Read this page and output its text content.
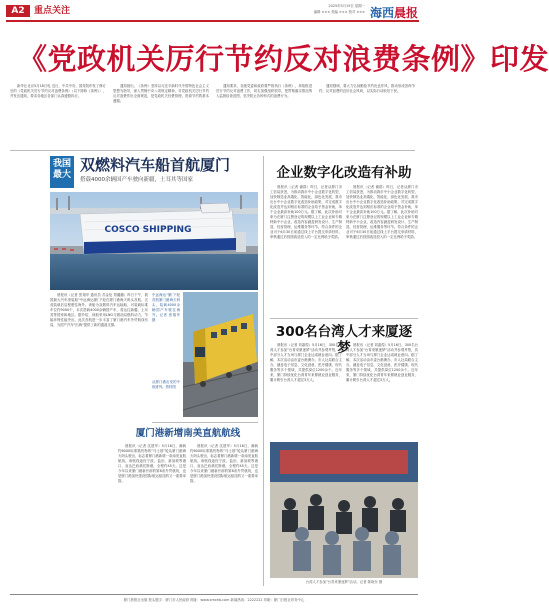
A2	重点关注	2025年5月19日 星期一
编辑 ××× 美编 ××× 校对 ××× 海西晨报
《党政机关厉行节约反对浪费条例》印发

新华社北京5月18日电 近日，中共中央、国务院印发了修订后的《党政机关厉行节约反对浪费条例》（以下简称《条例》），并发出通知，要求各地区各部门认真遵照执行。

通知指出，《条例》坚持以习近平新时代中国特色社会主义思想为指导，深入贯彻中央八项规定精神，对党政机关厉行节约反对浪费作出全面规范，是党政机关经费管理、资源节约的基本遵循。

通知要求，各级党委和政府要严格执行《条例》，持续推进厉行节约反对浪费工作，切实加强组织领导，把贯彻落实情况纳入监督检查范围，坚决防止各种形式的浪费行为。

通知强调，要大力弘扬勤俭节约优良作风，推动形成崇尚节约、反对浪费的良好社会风尚，以实际行动取信于民。

我国最大
双燃料汽车船首航厦门
搭载4000余辆国产车驶向新疆，土耳其等国家
COSCO SHIPPING

晨报讯（记者 张翔华 通讯员 苏金伦 郑璐璐）昨日下午，我国最大汽车滚装船"中远海运厦门"轮在厦门港海天码头首航，完成装载后启程驶往海外。该船为双燃料汽车运输船，可装载标准车位约9000个，本次搭载4000余辆国产车，将运往新疆、土耳其等国家和地区。据介绍，该船采用LNG与燃油双燃料动力，节能环保性能突出。此次首航进一步丰富了厦门港汽车外贸航线布局，为国产汽车"出海"提供了新的通道支撑。

中远海运"厦门"轮首航厦门港海天码头，装载4000余辆国产车驶往海外。记者 张翔华 摄

从厦门港出发的中欧班列。资料图

厦门港新增南美直航航线

晨报讯（记者 沈建华）5月16日，满载约6000标准箱货物的"马士基"轮从厦门港海天码头驶出，标志着厦门港新增一条南美直航航线。该航线途经宁波、盐田、新加坡等港口，直达巴西桑托斯港，全程约45天。这是今年以来厦门港新开辟的第8条外贸航线，也是厦门港加快建设国际航运枢纽的又一重要举措。

晨报讯（记者 沈建华）5月16日，满载约6000标准箱货物的"马士基"轮从厦门港海天码头驶出，标志着厦门港新增一条南美直航航线。该航线途经宁波、盐田、新加坡等港口，直达巴西桑托斯港，全程约45天。这是今年以来厦门港新开辟的第8条外贸航线，也是厦门港加快建设国际航运枢纽的又一重要举措。

企业数字化改造有补助

晨报讯（记者 谢群）昨日，记者从厦门市工信局获悉，为推动我市中小企业数字化转型，加快制造业高端化、智能化、绿色化发展，我市出台中小企业数字化改造补助政策，对完成数字化改造并达到相应标准的企业给予资金补助，单个企业最高补助100万元。据了解，此次补助对象为在厦门注册登记的规模以上工业企业和专精特新中小企业，改造内容涵盖研发设计、生产制造、经营管理、运维服务等环节。符合条件的企业可于6月30日前通过线上平台提交申请材料，审核通过后按照改造投入的一定比例给予奖励。

晨报讯（记者 谢群）昨日，记者从厦门市工信局获悉，为推动我市中小企业数字化转型，加快制造业高端化、智能化、绿色化发展，我市出台中小企业数字化改造补助政策，对完成数字化改造并达到相应标准的企业给予资金补助，单个企业最高补助100万元。据了解，此次补助对象为在厦门注册登记的规模以上工业企业和专精特新中小企业，改造内容涵盖研发设计、生产制造、经营管理、运维服务等环节。符合条件的企业可于6月30日前通过线上平台提交申请材料，审核通过后按照改造投入的一定比例给予奖励。

300名台湾人才来厦逐梦

晨报讯（记者 刘嘉煌）5月16日，300名台湾人才参加"台青来厦逐梦"活动并参观考察，其中部分人才当场与厦门企业达成就业意向。据了解，本次活动由市委台港澳办、市人社局联合主办，涵盖电子信息、文化创意、医疗健康、现代服务等多个领域，共提供岗位1200余个。近年来，厦门持续优化台湾青年来厦就业创业服务，累计吸引台湾人才超过3万人。

晨报讯（记者 刘嘉煌）5月16日，300名台湾人才参加"台青来厦逐梦"活动并参观考察，其中部分人才当场与厦门企业达成就业意向。据了解，本次活动由市委台港澳办、市人社局联合主办，涵盖电子信息、文化创意、医疗健康、现代服务等多个领域，共提供岗位1200余个。近年来，厦门持续优化台湾青年来厦就业创业服务，累计吸引台湾人才超过3万人。

台湾人才参加"台青来厦逐梦"活动。记者 陈晓东 摄
厦门晨报社出版 报头题字：厦门市人民政府 网址：www.xmxhb.com 新闻热线：2222222 印刷：厦门日报社印务中心
